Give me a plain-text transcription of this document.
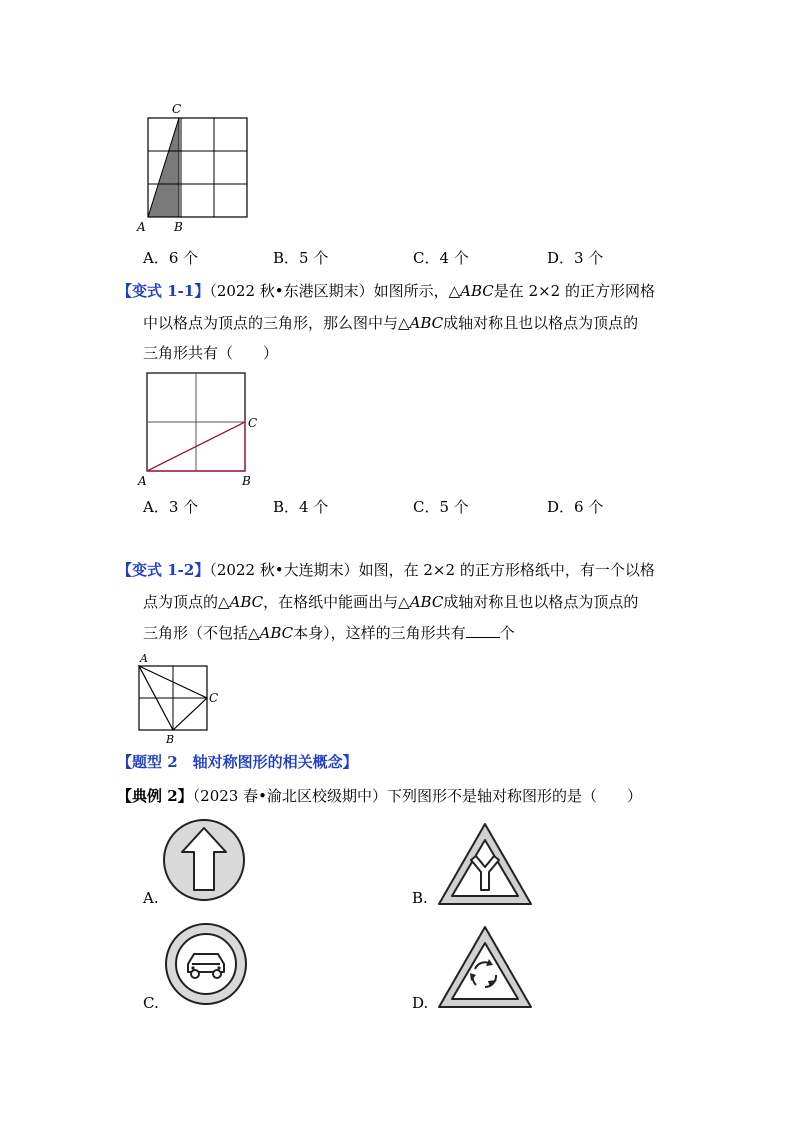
C
A B
A．6 个	B．5 个	C．4 个	D．3 个
【变式 1-1】（2022 秋•东港区期末）如图所示，△ABC是在 2×2 的正方形网格
中以格点为顶点的三角形，那么图中与△ABC成轴对称且也以格点为顶点的
三角形共有（　　）
A	B
C
A．3 个	B．4 个	C．5 个	D．6 个
【变式 1-2】（2022 秋•大连期末）如图，在 2×2 的正方形格纸中，有一个以格
点为顶点的△ABC，在格纸中能画出与△ABC成轴对称且也以格点为顶点的
三角形（不包括△ABC本身），这样的三角形共有 个
A
B
C
【题型 2　轴对称图形的相关概念】
【典例 2】（2023 春•渝北区校级期中）下列图形不是轴对称图形的是（　　）
A.	B.
C.	D.
